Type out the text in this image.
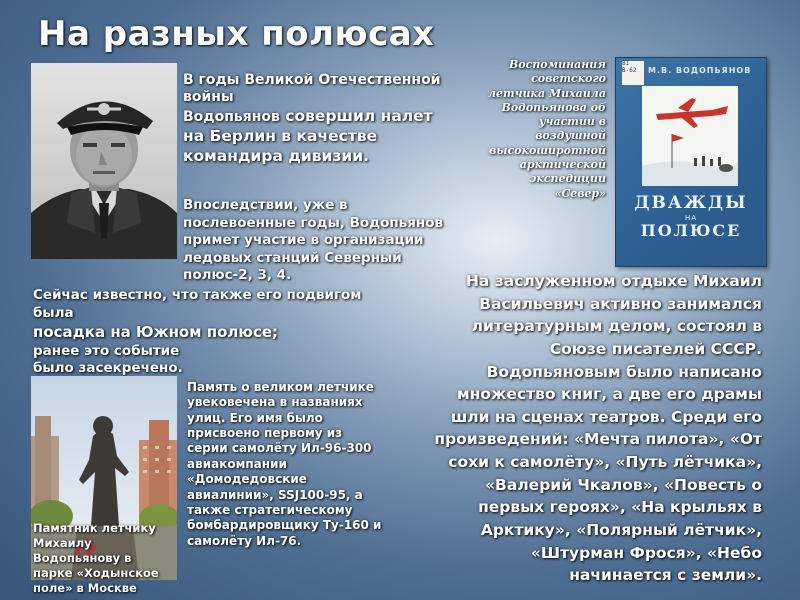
На разных полюсах
В годы Великой Отечественной войны
Водопьянов совершил налет на Берлин в качестве командира дивизии.
Впоследствии, уже в послевоенные годы, Водопьянов примет участие в организации ледовых станций Северный полюс-2, 3, 4.
Сейчас известно, что также его подвигом была
посадка на Южном полюсе;
ранее это событие было засекречено.
Памятник летчику Михаилу Водопьянову в парке «Ходынское поле» в Москве
Память о великом летчике увековечена в названиях улиц. Его имя было присвоено первому из серии самолёту Ил-96-300 авиакомпании «Домодедовские авиалинии», SSJ100-95, а также стратегическому бомбардировщику Ту-160 и самолёту Ил-76.
Воспоминания советского летчика Михаила Водопьянова об участии в воздушной высокоширотной арктической экспедиции «Север»
81
В-62	М.В. ВОДОПЬЯНОВ
ДВАЖДЫ
НА
ПОЛЮСЕ
На заслуженном отдыхе Михаил Васильевич активно занимался литературным делом, состоял в Союзе писателей СССР. Водопьяновым было написано множество книг, а две его драмы шли на сценах театров. Среди его произведений: «Мечта пилота», «От сохи к самолёту», «Путь лётчика», «Валерий Чкалов», «Повесть о первых героях», «На крыльях в Арктику», «Полярный лётчик», «Штурман Фрося», «Небо начинается с земли».
